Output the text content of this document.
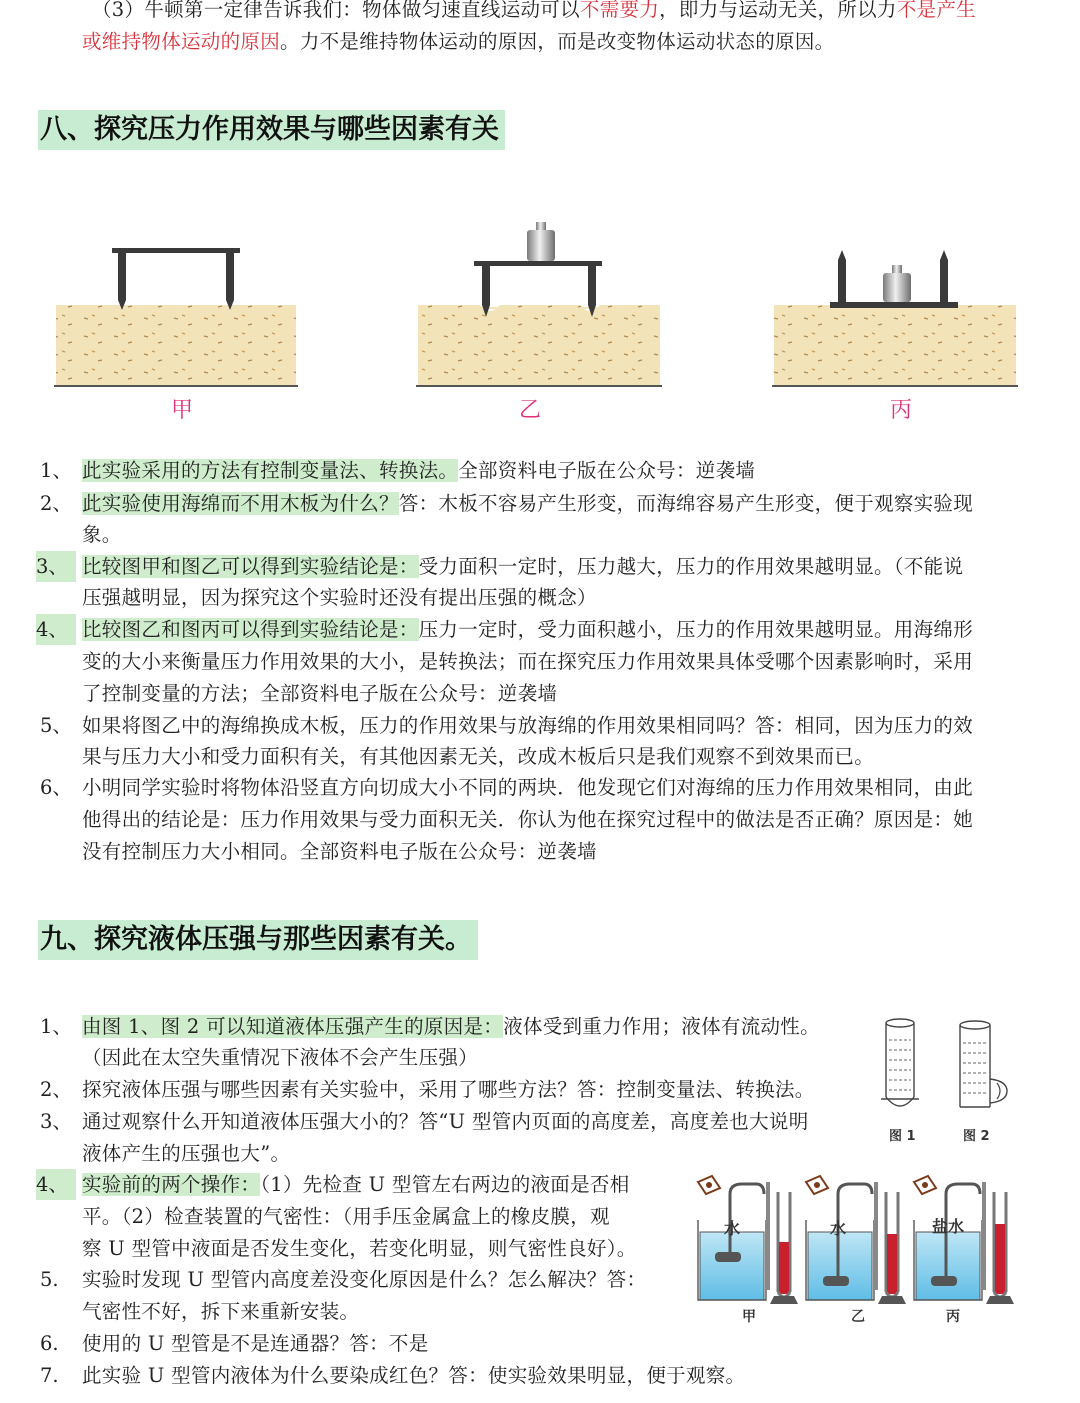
（3）牛顿第一定律告诉我们：物体做匀速直线运动可以不需要力，即力与运动无关，所以力不是产生
或维持物体运动的原因。力不是维持物体运动的原因，而是改变物体运动状态的原因。
八、探究压力作用效果与哪些因素有关
甲	乙	丙
1、 此实验采用的方法有控制变量法、转换法。全部资料电子版在公众号：逆袭墙
2、 此实验使用海绵而不用木板为什么？答：木板不容易产生形变，而海绵容易产生形变，便于观察实验现
象。
3、 比较图甲和图乙可以得到实验结论是：受力面积一定时，压力越大，压力的作用效果越明显。（不能说
压强越明显，因为探究这个实验时还没有提出压强的概念）
4、 比较图乙和图丙可以得到实验结论是：压力一定时，受力面积越小，压力的作用效果越明显。用海绵形
变的大小来衡量压力作用效果的大小，是转换法；而在探究压力作用效果具体受哪个因素影响时，采用
了控制变量的方法；全部资料电子版在公众号：逆袭墙
5、 如果将图乙中的海绵换成木板，压力的作用效果与放海绵的作用效果相同吗？答：相同，因为压力的效
果与压力大小和受力面积有关，有其他因素无关，改成木板后只是我们观察不到效果而已。
6、 小明同学实验时将物体沿竖直方向切成大小不同的两块．他发现它们对海绵的压力作用效果相同，由此
他得出的结论是：压力作用效果与受力面积无关．你认为他在探究过程中的做法是否正确？原因是：她
没有控制压力大小相同。全部资料电子版在公众号：逆袭墙
九、探究液体压强与那些因素有关。
图 1	图 2
水	水	盐水
甲	乙	丙
1、 由图 1、图 2 可以知道液体压强产生的原因是：液体受到重力作用；液体有流动性。
（因此在太空失重情况下液体不会产生压强）
2、 探究液体压强与哪些因素有关实验中，采用了哪些方法？答：控制变量法、转换法。
3、 通过观察什么开知道液体压强大小的？答“U 型管内页面的高度差，高度差也大说明
液体产生的压强也大”。
4、 实验前的两个操作：（1）先检查 U 型管左右两边的液面是否相
平。（2）检查装置的气密性：（用手压金属盒上的橡皮膜，观
察 U 型管中液面是否发生变化，若变化明显，则气密性良好）。
5. 实验时发现 U 型管内高度差没变化原因是什么？怎么解决？答：
气密性不好，拆下来重新安装。
6. 使用的 U 型管是不是连通器？答：不是
7. 此实验 U 型管内液体为什么要染成红色？答：使实验效果明显，便于观察。
